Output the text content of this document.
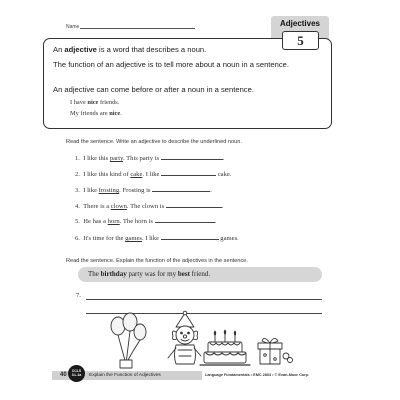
Name	Adjectives
5
An adjective is a word that describes a noun.
The function of an adjective is to tell more about a noun in a sentence.
An adjective can come before or after a noun in a sentence.
I have nice friends.
My friends are nice.
Read the sentence. Write an adjective to describe the underlined noun.
1. I like this party. This party is	.
2. I like this kind of cake. I like	cake.
3. I like frosting. Frosting is	.
4. There is a clown. The clown is	.
5. He has a horn. The horn is	.
6. It's time for the games. I like	games.
Read the sentence. Explain the function of the adjectives in the sentence.
The birthday party was for my best friend.
7.
40
CCLS
3.L.1a	Explain the Function of Adjectives	Language Fundamentals • EMC 2803 • © Evan-Moor Corp.
